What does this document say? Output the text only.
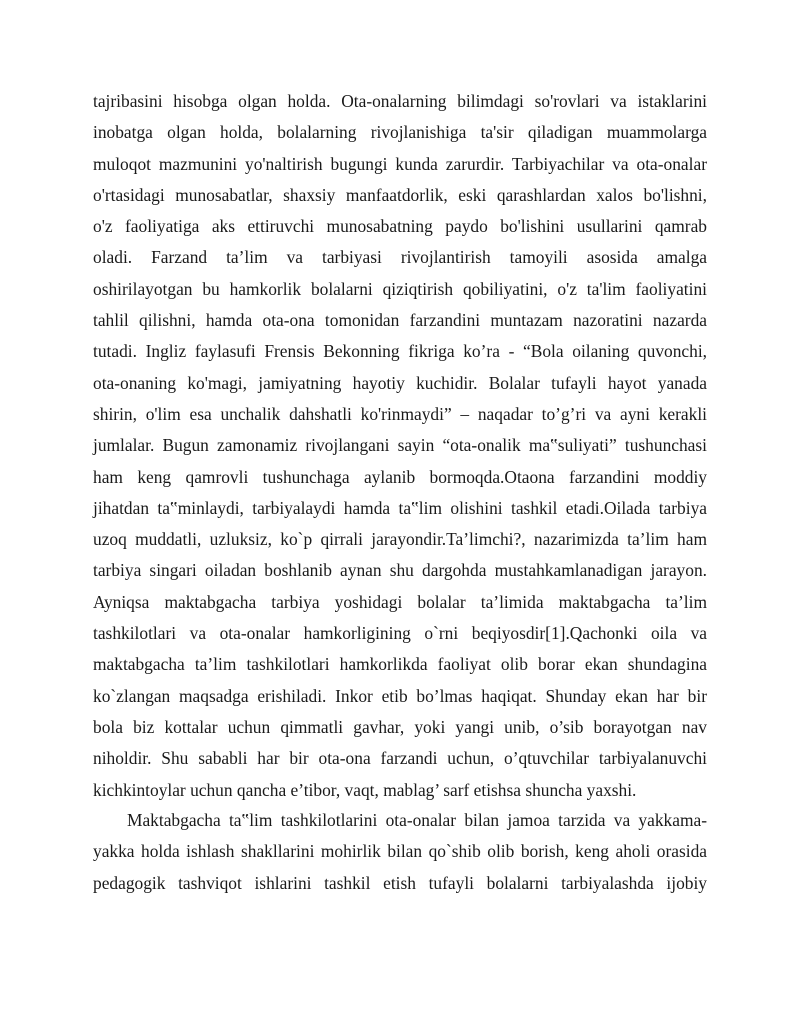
tajribasini hisobga olgan holda. Ota-onalarning bilimdagi so'rovlari va istaklarini
inobatga olgan holda, bolalarning rivojlanishiga ta'sir qiladigan muammolarga
muloqot mazmunini yo'naltirish bugungi kunda zarurdir. Tarbiyachilar va ota-onalar
o'rtasidagi munosabatlar, shaxsiy manfaatdorlik, eski qarashlardan xalos bo'lishni,
o'z faoliyatiga aks ettiruvchi munosabatning paydo bo'lishini usullarini qamrab
oladi. Farzand ta’lim va tarbiyasi rivojlantirish tamoyili asosida amalga
oshirilayotgan bu hamkorlik bolalarni qiziqtirish qobiliyatini, o'z ta'lim faoliyatini
tahlil qilishni, hamda ota-ona tomonidan farzandini muntazam nazoratini nazarda
tutadi. Ingliz faylasufi Frensis Bekonning fikriga ko’ra - “Bola oilaning quvonchi,
ota-onaning ko'magi, jamiyatning hayotiy kuchidir. Bolalar tufayli hayot yanada
shirin, o'lim esa unchalik dahshatli ko'rinmaydi” – naqadar to’g’ri va ayni kerakli
jumlalar. Bugun zamonamiz rivojlangani sayin “ota-onalik ma‟suliyati” tushunchasi
ham keng qamrovli tushunchaga aylanib bormoqda.Otaona farzandini moddiy
jihatdan ta‟minlaydi, tarbiyalaydi hamda ta‟lim olishini tashkil etadi.Oilada tarbiya
uzoq muddatli, uzluksiz, ko`p qirrali jarayondir.Ta’limchi?, nazarimizda ta’lim ham
tarbiya singari oiladan boshlanib aynan shu dargohda mustahkamlanadigan jarayon.
Ayniqsa maktabgacha tarbiya yoshidagi bolalar ta’limida maktabgacha ta’lim
tashkilotlari va ota-onalar hamkorligining o`rni beqiyosdir[1].Qachonki oila va
maktabgacha ta’lim tashkilotlari hamkorlikda faoliyat olib borar ekan shundagina
ko`zlangan maqsadga erishiladi. Inkor etib bo’lmas haqiqat. Shunday ekan har bir
bola biz kottalar uchun qimmatli gavhar, yoki yangi unib, o’sib borayotgan nav
niholdir. Shu sababli har bir ota-ona farzandi uchun, o’qtuvchilar tarbiyalanuvchi
kichkintoylar uchun qancha e’tibor, vaqt, mablag’ sarf etishsa shuncha yaxshi.
Maktabgacha ta‟lim tashkilotlarini ota-onalar bilan jamoa tarzida va yakkama-
yakka holda ishlash shakllarini mohirlik bilan qo`shib olib borish, keng aholi orasida
pedagogik tashviqot ishlarini tashkil etish tufayli bolalarni tarbiyalashda ijobiy
